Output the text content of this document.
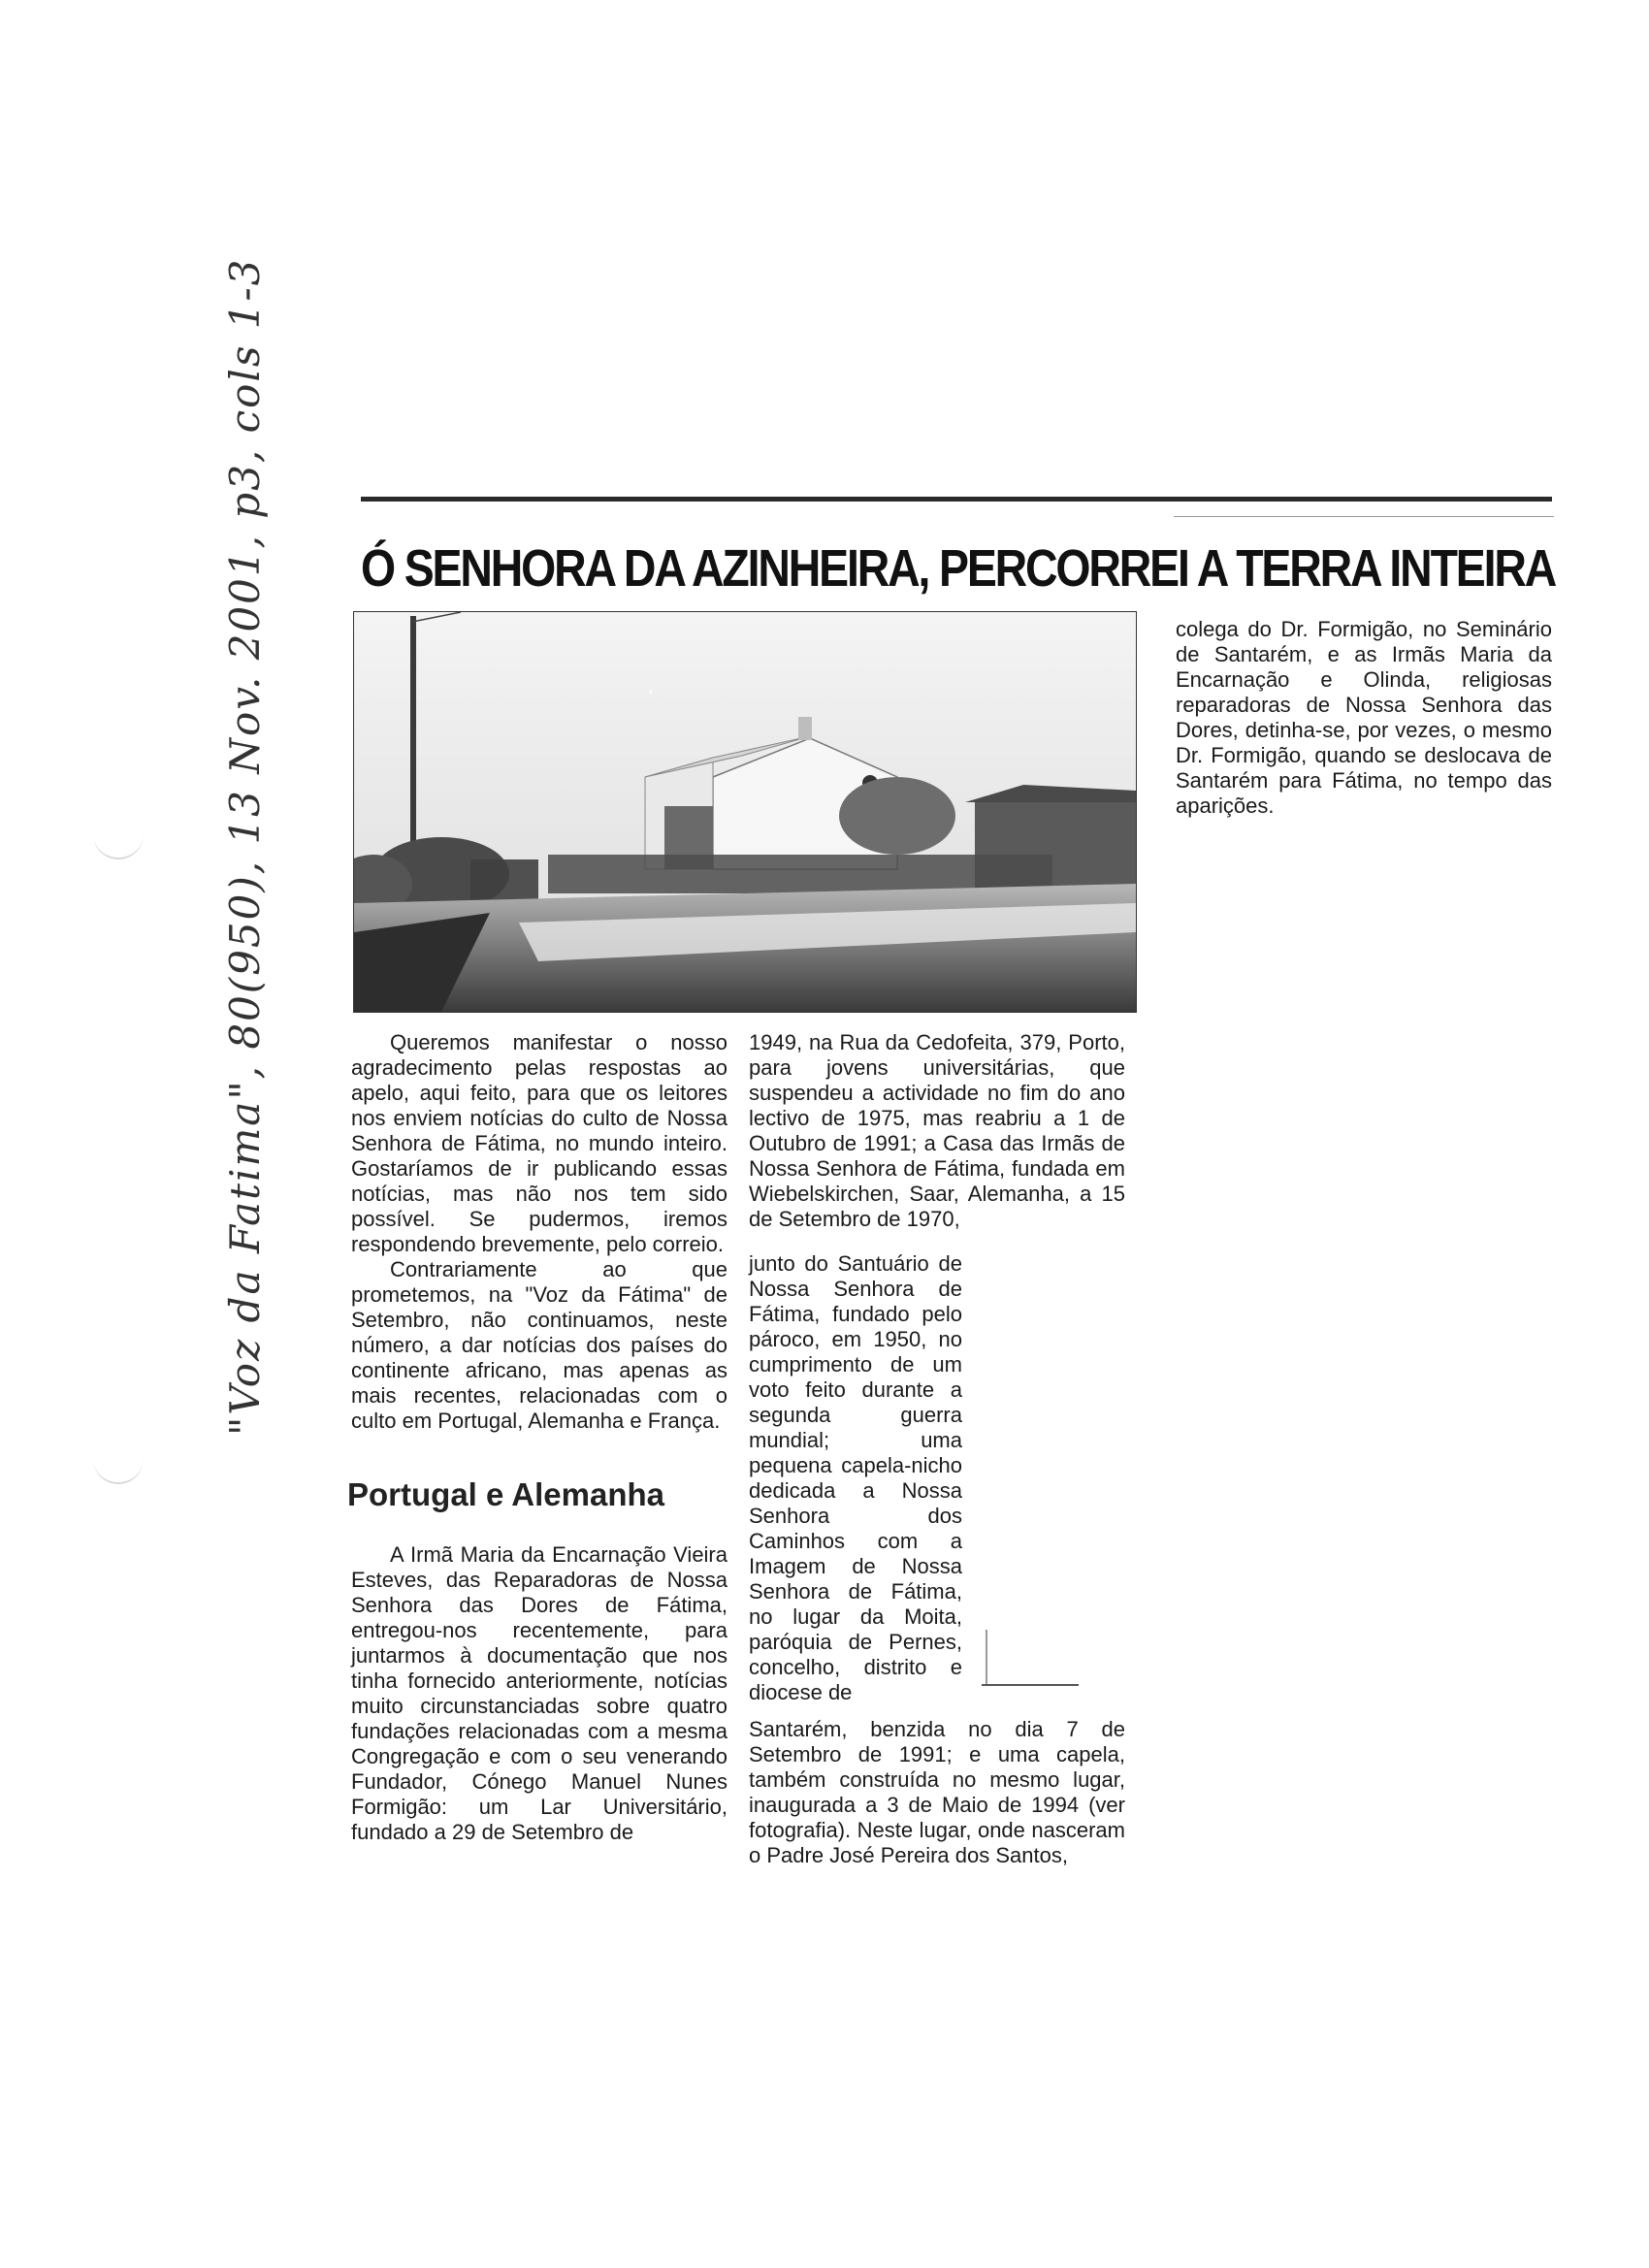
Ó SENHORA DA AZINHEIRA, PERCORREI A TERRA INTEIRA
"Voz da Fatima", 80(950), 13 Nov. 2001, p3, cols 1-3	colega do Dr. Formigão, no Seminário de Santarém, e as Irmãs Maria da Encarnação e Olinda, religiosas reparadoras de Nossa Senhora das Dores, detinha-se, por vezes, o mesmo Dr. Formigão, quando se deslocava de Santarém para Fátima, no tempo das aparições.

Queremos manifestar o nosso agradecimento pelas respostas ao apelo, aqui feito, para que os leitores nos enviem notícias do culto de Nossa Senhora de Fátima, no mundo inteiro. Gostaríamos de ir publicando essas notícias, mas não nos tem sido possível. Se pudermos, iremos respondendo brevemente, pelo correio.

Contrariamente ao que prometemos, na "Voz da Fátima" de Setembro, não continuamos, neste número, a dar notícias dos países do continente africano, mas apenas as mais recentes, relacionadas com o culto em Portugal, Alemanha e França.

Portugal e Alemanha

A Irmã Maria da Encarnação Vieira Esteves, das Reparadoras de Nossa Senhora das Dores de Fátima, entregou-nos recentemente, para juntarmos à documentação que nos tinha fornecido anteriormente, notícias muito circunstanciadas sobre quatro fundações relacionadas com a mesma Congregação e com o seu venerando Fundador, Cónego Manuel Nunes Formigão: um Lar Universitário, fundado a 29 de Setembro de

1949, na Rua da Cedofeita, 379, Porto, para jovens universitárias, que suspendeu a actividade no fim do ano lectivo de 1975, mas reabriu a 1 de Outubro de 1991; a Casa das Irmãs de Nossa Senhora de Fátima, fundada em Wiebelskirchen, Saar, Alemanha, a 15 de Setembro de 1970,

junto do Santuário de Nossa Senhora de Fátima, fundado pelo pároco, em 1950, no cumprimento de um voto feito durante a segunda guerra mundial; uma pequena capela-nicho dedicada a Nossa Senhora dos Caminhos com a Imagem de Nossa Senhora de Fátima, no lugar da Moita, paróquia de Pernes, concelho, distrito e diocese de

Santarém, benzida no dia 7 de Setembro de 1991; e uma capela, também construída no mesmo lugar, inaugurada a 3 de Maio de 1994 (ver fotografia). Neste lugar, onde nasceram o Padre José Pereira dos Santos,
